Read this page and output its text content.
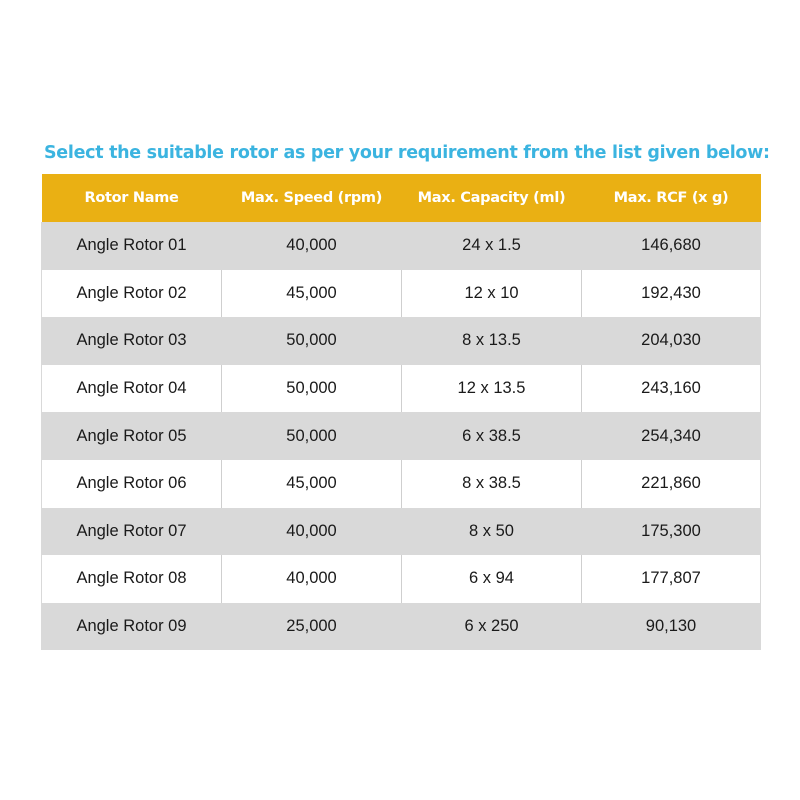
Select the suitable rotor as per your requirement from the list given below:
Rotor Name	Max. Speed (rpm)	Max. Capacity (ml)	Max. RCF (x g)
Angle Rotor 01	40,000	24 x 1.5	146,680
Angle Rotor 02	45,000	12 x 10	192,430
Angle Rotor 03	50,000	8 x 13.5	204,030
Angle Rotor 04	50,000	12 x 13.5	243,160
Angle Rotor 05	50,000	6 x 38.5	254,340
Angle Rotor 06	45,000	8 x 38.5	221,860
Angle Rotor 07	40,000	8 x 50	175,300
Angle Rotor 08	40,000	6 x 94	177,807
Angle Rotor 09	25,000	6 x 250	90,130
